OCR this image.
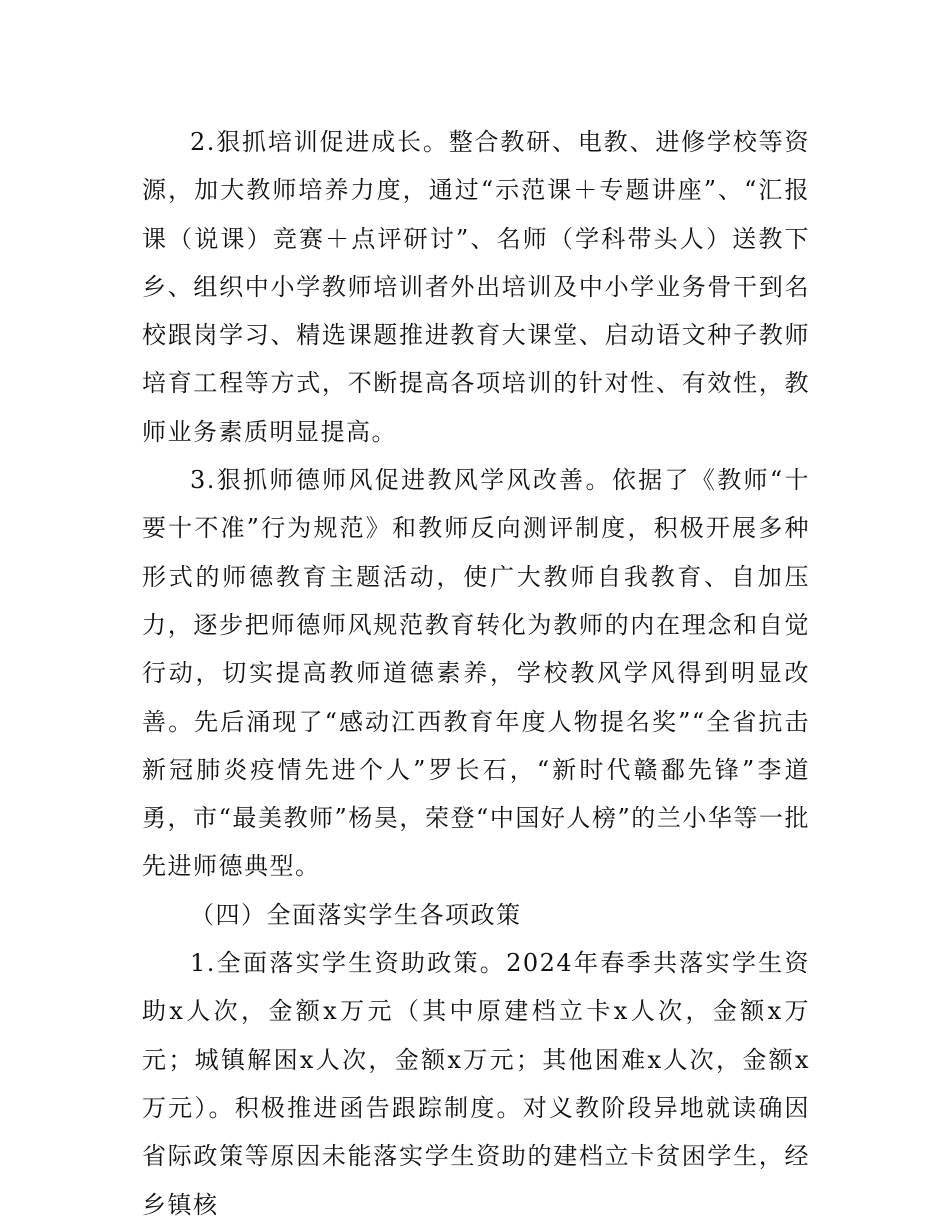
2.狠抓培训促进成长。整合教研、电教、进修学校等资源，加大教师培养力度，通过“示范课＋专题讲座”、“汇报课（说课）竞赛＋点评研讨”、名师（学科带头人）送教下乡、组织中小学教师培训者外出培训及中小学业务骨干到名校跟岗学习、精选课题推进教育大课堂、启动语文种子教师培育工程等方式，不断提高各项培训的针对性、有效性，教师业务素质明显提高。

3.狠抓师德师风促进教风学风改善。依据了《教师“十要十不准”行为规范》和教师反向测评制度，积极开展多种形式的师德教育主题活动，使广大教师自我教育、自加压力，逐步把师德师风规范教育转化为教师的内在理念和自觉行动，切实提高教师道德素养，学校教风学风得到明显改善。先后涌现了“感动江西教育年度人物提名奖”“全省抗击新冠肺炎疫情先进个人”罗长石，“新时代赣鄱先锋”李道勇，市“最美教师”杨昊，荣登“中国好人榜”的兰小华等一批先进师德典型。

（四）全面落实学生各项政策

1.全面落实学生资助政策。2024年春季共落实学生资助x人次，金额x万元（其中原建档立卡x人次，金额x万元；城镇解困x人次，金额x万元；其他困难x人次，金额x万元）。积极推进函告跟踪制度。对义教阶段异地就读确因省际政策等原因未能落实学生资助的建档立卡贫困学生，经乡镇核
